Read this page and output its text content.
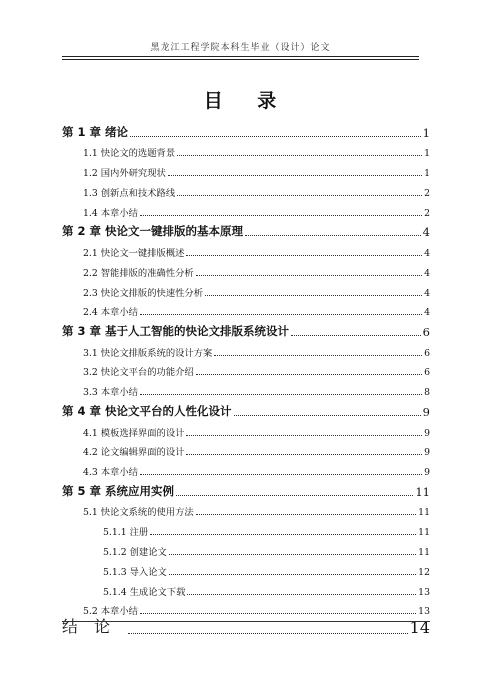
黑龙江工程学院本科生毕业（设计）论文
目 录
第 1 章 绪论	1
1.1 快论文的选题背景	1
1.2 国内外研究现状	1
1.3 创新点和技术路线	2
1.4 本章小结	2
第 2 章 快论文一键排版的基本原理	4
2.1 快论文一键排版概述	4
2.2 智能排版的准确性分析	4
2.3 快论文排版的快速性分析	4
2.4 本章小结	4
第 3 章 基于人工智能的快论文排版系统设计	6
3.1 快论文排版系统的设计方案	6
3.2 快论文平台的功能介绍	6
3.3 本章小结	8
第 4 章 快论文平台的人性化设计	9
4.1 模板选择界面的设计	9
4.2 论文编辑界面的设计	9
4.3 本章小结	9
第 5 章 系统应用实例	11
5.1 快论文系统的使用方法	11
5.1.1 注册	11
5.1.2 创建论文	11
5.1.3 导入论文	12
5.1.4 生成论文下载	13
5.2 本章小结	13
结论	14
